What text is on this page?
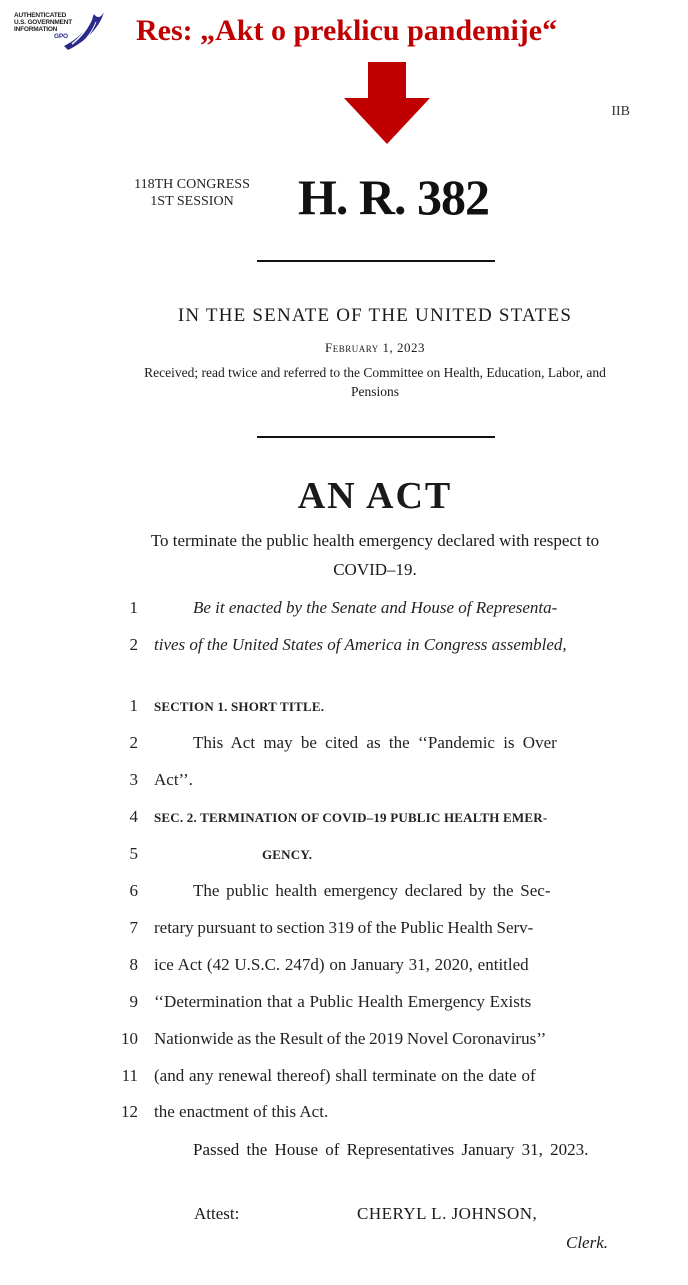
AUTHENTICATED
U.S. GOVERNMENT
INFORMATION
GPO Res: „Akt o preklicu pandemije“
IIB
118TH CONGRESS
1ST SESSION	H. R. 382
IN THE SENATE OF THE UNITED STATES
February 1, 2023
Received; read twice and referred to the Committee on Health, Education, Labor, and Pensions
AN ACT
To terminate the public health emergency declared with respect to COVID–19.
1	Be it enacted by the Senate and House of Representa-
2 tives of the United States of America in Congress assembled,
1 SECTION 1. SHORT TITLE.
2	This Act may be cited as the ‘‘Pandemic is Over
3 Act’’.
4 SEC. 2. TERMINATION OF COVID–19 PUBLIC HEALTH EMER-
5	GENCY.
6	The public health emergency declared by the Sec-
7 retary pursuant to section 319 of the Public Health Serv-
8 ice Act (42 U.S.C. 247d) on January 31, 2020, entitled
9 ‘‘Determination that a Public Health Emergency Exists
10 Nationwide as the Result of the 2019 Novel Coronavirus’’
11 (and any renewal thereof) shall terminate on the date of
12 the enactment of this Act.
Passed the House of Representatives January 31, 2023.
Attest:	CHERYL L. JOHNSON,
Clerk.
